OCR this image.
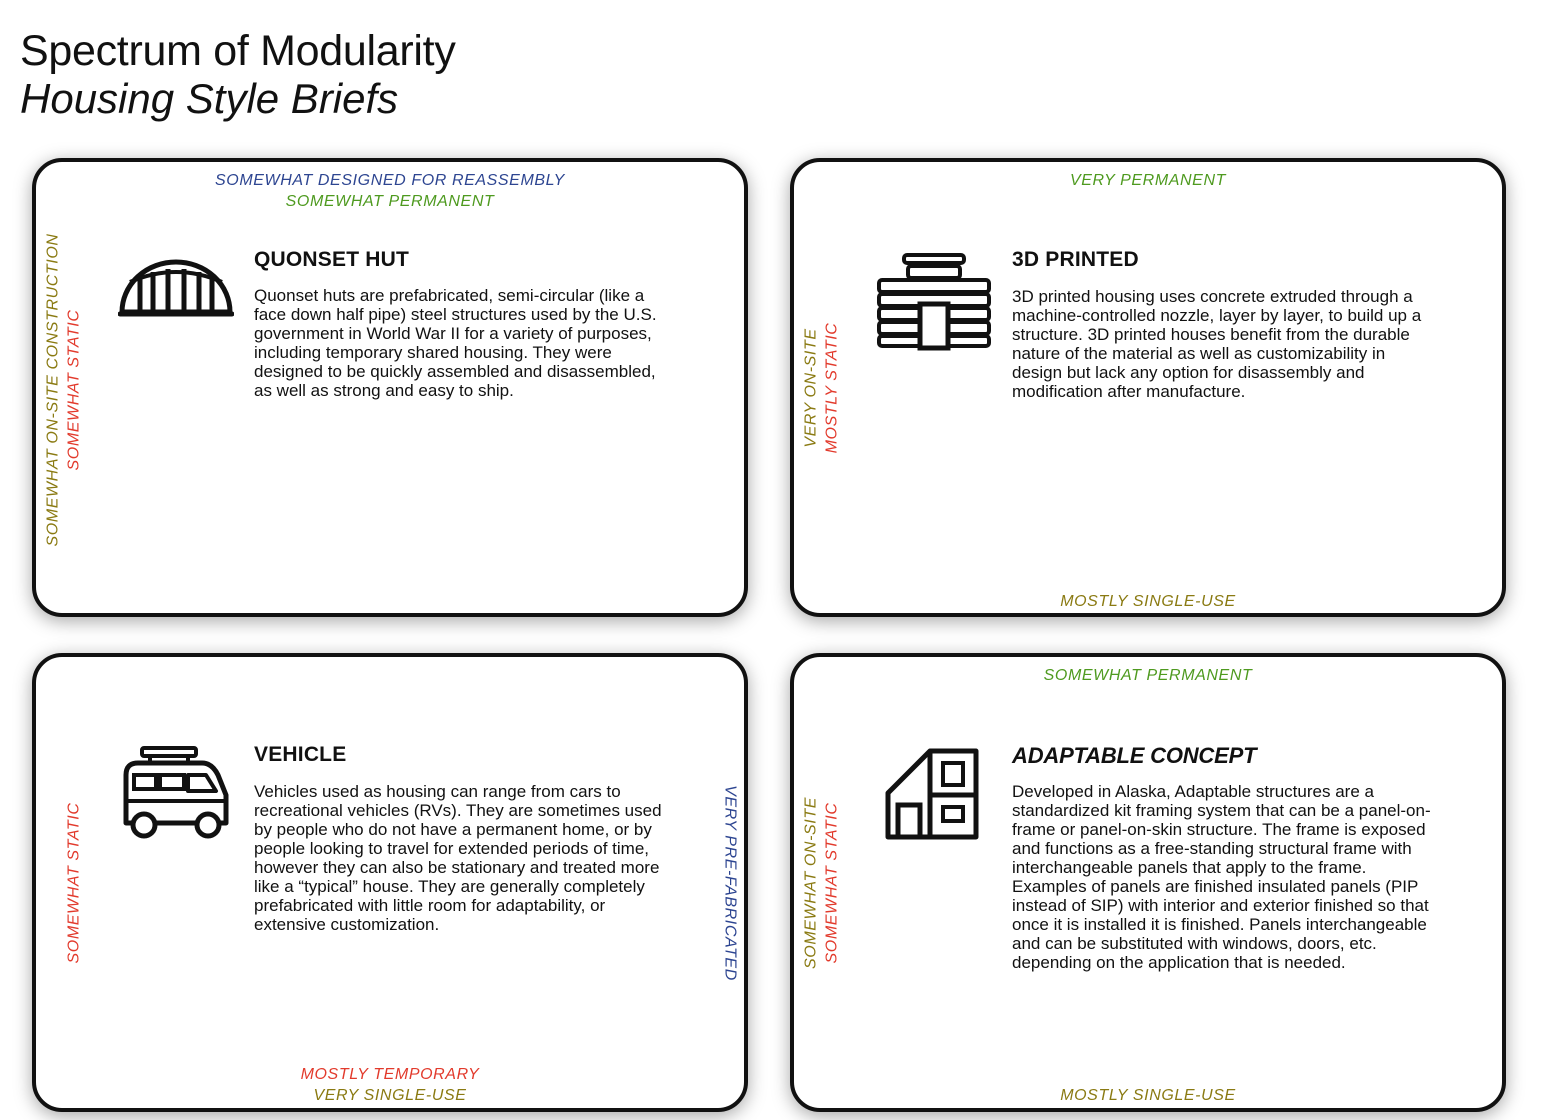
Spectrum of Modularity
Housing Style Briefs
SOMEWHAT DESIGNED FOR REASSEMBLY
SOMEWHAT PERMANENT
SOMEWHAT ON-SITE CONSTRUCTION SOMEWHAT STATIC
QUONSET HUT
Quonset huts are prefabricated, semi-circular (like a face down half pipe) steel structures used by the U.S. government in World War II for a variety of purposes, including temporary shared housing. They were designed to be quickly assembled and disassembled, as well as strong and easy to ship.
VERY PERMANENT
VERY ON-SITE MOSTLY STATIC
3D PRINTED
3D printed housing uses concrete extruded through a machine-controlled nozzle, layer by layer, to build up a structure. 3D printed houses benefit from the durable nature of the material as well as customizability in design but lack any option for disassembly and modification after manufacture.
MOSTLY SINGLE-USE
SOMEWHAT STATIC	VERY PRE-FABRICATED
VEHICLE
Vehicles used as housing can range from cars to recreational vehicles (RVs). They are sometimes used by people who do not have a permanent home, or by people looking to travel for extended periods of time, however they can also be stationary and treated more like a “typical” house. They are generally completely prefabricated with little room for adaptability, or extensive customization.
MOSTLY TEMPORARY
VERY SINGLE-USE
SOMEWHAT PERMANENT
SOMEWHAT ON-SITE SOMEWHAT STATIC
ADAPTABLE CONCEPT
Developed in Alaska, Adaptable structures are a standardized kit framing system that can be a panel-on-frame or panel-on-skin structure. The frame is exposed and functions as a free-standing structural frame with interchangeable panels that apply to the frame. Examples of panels are finished insulated panels (PIP instead of SIP) with interior and exterior finished so that once it is installed it is finished. Panels interchangeable and can be substituted with windows, doors, etc. depending on the application that is needed.
MOSTLY SINGLE-USE
